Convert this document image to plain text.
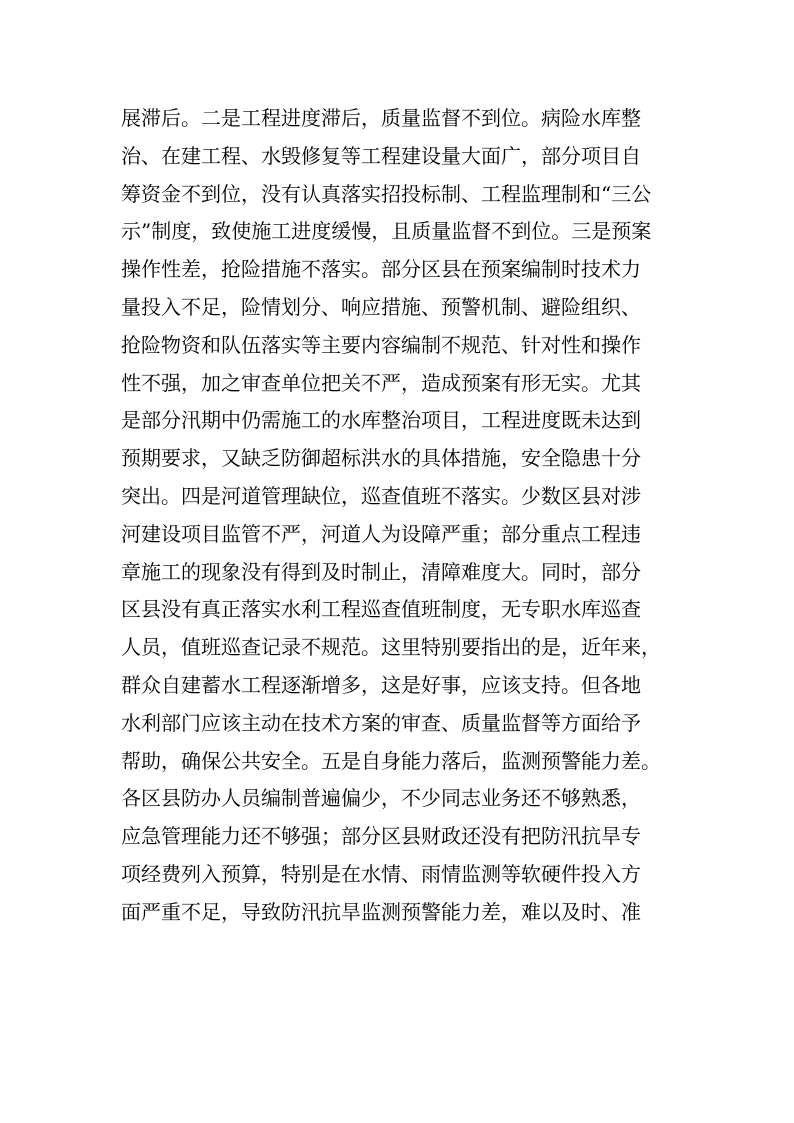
展滞后。二是工程进度滞后，质量监督不到位。病险水库整
治、在建工程、水毁修复等工程建设量大面广，部分项目自
筹资金不到位，没有认真落实招投标制、工程监理制和“三公
示”制度，致使施工进度缓慢，且质量监督不到位。三是预案
操作性差，抢险措施不落实。部分区县在预案编制时技术力
量投入不足，险情划分、响应措施、预警机制、避险组织、
抢险物资和队伍落实等主要内容编制不规范、针对性和操作
性不强，加之审查单位把关不严，造成预案有形无实。尤其
是部分汛期中仍需施工的水库整治项目，工程进度既未达到
预期要求，又缺乏防御超标洪水的具体措施，安全隐患十分
突出。四是河道管理缺位，巡查值班不落实。少数区县对涉
河建设项目监管不严，河道人为设障严重；部分重点工程违
章施工的现象没有得到及时制止，清障难度大。同时，部分
区县没有真正落实水利工程巡查值班制度，无专职水库巡查
人员，值班巡查记录不规范。这里特别要指出的是，近年来，
群众自建蓄水工程逐渐增多，这是好事，应该支持。但各地
水利部门应该主动在技术方案的审查、质量监督等方面给予
帮助，确保公共安全。五是自身能力落后，监测预警能力差。
各区县防办人员编制普遍偏少，不少同志业务还不够熟悉，
应急管理能力还不够强；部分区县财政还没有把防汛抗旱专
项经费列入预算，特别是在水情、雨情监测等软硬件投入方
面严重不足，导致防汛抗旱监测预警能力差，难以及时、准
